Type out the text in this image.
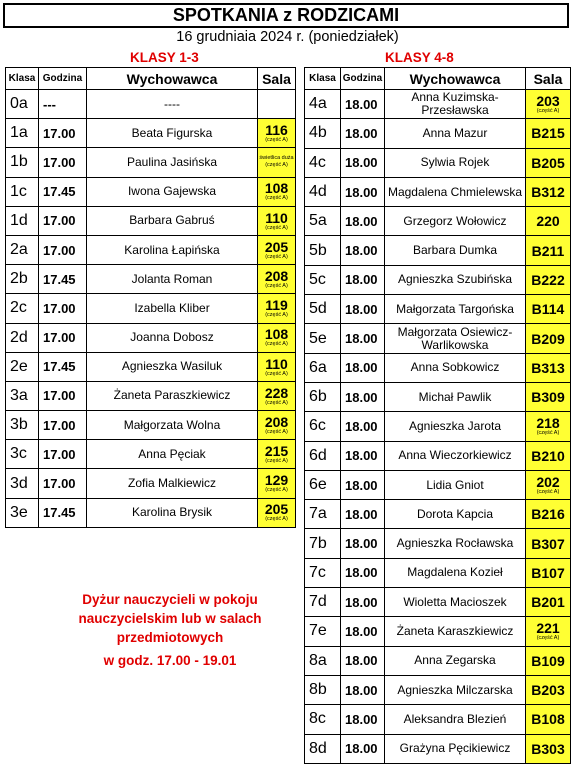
SPOTKANIA z RODZICAMI
16 grudniaia 2024 r. (poniedziałek)
KLASY 1-3	KLASY 4-8
Klasa	Godzina	Wychowawca	Sala
0a	---	----	
1a	17.00	Beata Figurska	116
(część A)

1b	17.00	Paulina Jasińska	świetlica duża
(część A)

1c	17.45	Iwona Gajewska	108
(część A)

1d	17.00	Barbara Gabruś	110
(część A)

2a	17.00	Karolina Łapińska	205
(część A)

2b	17.45	Jolanta Roman	208
(część A)

2c	17.00	Izabella Kliber	119
(część A)

2d	17.00	Joanna Dobosz	108
(część A)

2e	17.45	Agnieszka Wasiluk	110
(część A)

3a	17.00	Żaneta Paraszkiewicz	228
(część A)

3b	17.00	Małgorzata Wolna	208
(część A)

3c	17.00	Anna Pęciak	215
(część A)

3d	17.00	Zofia Malkiewicz	129
(część A)

3e	17.45	Karolina Brysik	205
(część A)
Klasa	Godzina	Wychowawca	Sala
4a	18.00	Anna Kuzimska-Przesławska	203
(część A)

4b	18.00	Anna Mazur	B215

4c	18.00	Sylwia Rojek	B205

4d	18.00	Magdalena Chmielewska	B312

5a	18.00	Grzegorz Wołowicz	220

5b	18.00	Barbara Dumka	B211

5c	18.00	Agnieszka Szubińska	B222

5d	18.00	Małgorzata Targońska	B114

5e	18.00	Małgorzata Osiewicz-Warlikowska	B209

6a	18.00	Anna Sobkowicz	B313

6b	18.00	Michał Pawlik	B309

6c	18.00	Agnieszka Jarota	218
(część A)

6d	18.00	Anna Wieczorkiewicz	B210

6e	18.00	Lidia Gniot	202
(część A)

7a	18.00	Dorota Kapcia	B216

7b	18.00	Agnieszka Rocławska	B307

7c	18.00	Magdalena Kozieł	B107

7d	18.00	Wioletta Macioszek	B201

7e	18.00	Żaneta Karaszkiewicz	221
(część A)

8a	18.00	Anna Zegarska	B109

8b	18.00	Agnieszka Milczarska	B203

8c	18.00	Aleksandra Blezień	B108

8d	18.00	Grażyna Pęcikiewicz	B303
Dyżur nauczycieli w pokoju
nauczycielskim lub w salach
przedmiotowych
w godz. 17.00 - 19.01
